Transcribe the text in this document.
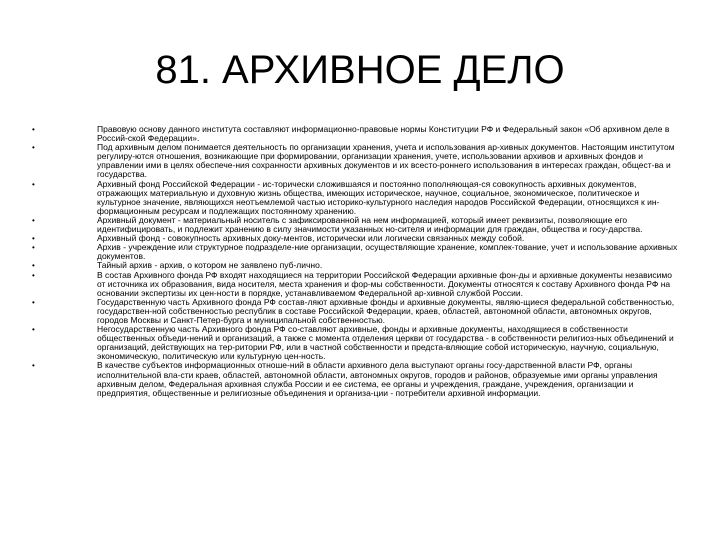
81. АРХИВНОЕ ДЕЛО
•	Правовую основу данного института составляют информационно-правовые нормы Конституции РФ и Федеральный закон «Об архивном деле в Россий-ской Федерации».
•	Под архивным делом понимается деятельность по организации хранения, учета и использования ар-хивных документов. Настоящим институтом регулиру-ются отношения, возникающие при формировании, организации хранения, учете, использовании архивов и архивных фондов и управлении ими в целях обеспече-ния сохранности архивных документов и их всесто-роннего использования в интересах граждан, общест-ва и государства.
•	Архивный фонд Российской Федерации - ис-торически сложившаяся и постоянно пополняющая-ся совокупность архивных документов, отражающих материальную и духовную жизнь общества, имеющих историческое, научное, социальное, экономическое, политическое и культурное значение, являющихся неотъемлемой частью историко-культурного наследия народов Российской Федерации, относящихся к ин-формационным ресурсам и подлежащих постоянному хранению.
•	Архивный документ - материальный носитель с зафиксированной на нем информацией, который имеет реквизиты, позволяющие его идентифицировать, и подлежит хранению в силу значимости указанных но-сителя и информации для граждан, общества и госу-дарства.
•	Архивный фонд - совокупность архивных доку-ментов, исторически или логически связанных между собой.
•	Архив - учреждение или структурное подразделе-ние организации, осуществляющие хранение, комплек-тование, учет и использование архивных документов.
•	Тайный архив - архив, о котором не заявлено пуб-лично.
•	В состав Архивного фонда РФ входят находящиеся на территории Российской Федерации архивные фон-ды и архивные документы независимо от источника их образования, вида носителя, места хранения и фор-мы собственности. Документы относятся к составу Архивного фонда РФ на основании экспертизы их цен-ности в порядке, устанавливаемом Федеральной ар-хивной службой России.
•	Государственную часть Архивного фонда РФ состав-ляют архивные фонды и архивные документы, являю-щиеся федеральной собственностью, государствен-ной собственностью республик в составе Российской Федерации, краев, областей, автономной области, автономных округов, городов Москвы и Санкт-Петер-бурга и муниципальной собственностью.
•	Негосударственную часть Архивного фонда РФ со-ставляют архивные, фонды и архивные документы, находящиеся в собственности общественных объеди-нений и организаций, а также с момента отделения церкви от государства - в собственности религиоз-ных объединений и организаций, действующих на тер-ритории РФ, или в частной собственности и предста-вляющие собой историческую, научную, социальную, экономическую, политическую или культурную цен-ность.
•	В качестве субъектов информационных отноше-ний в области архивного дела выступают органы госу-дарственной власти РФ, органы исполнительной вла-сти краев, областей, автономной области, автономных округов, городов и районов, образуемые ими органы управления архивным делом, Федеральная архивная служба России и ее система, ее органы и учреждения, граждане, учреждения, организации и предприятия, общественные и религиозные объединения и организа-ции - потребители архивной информации.
